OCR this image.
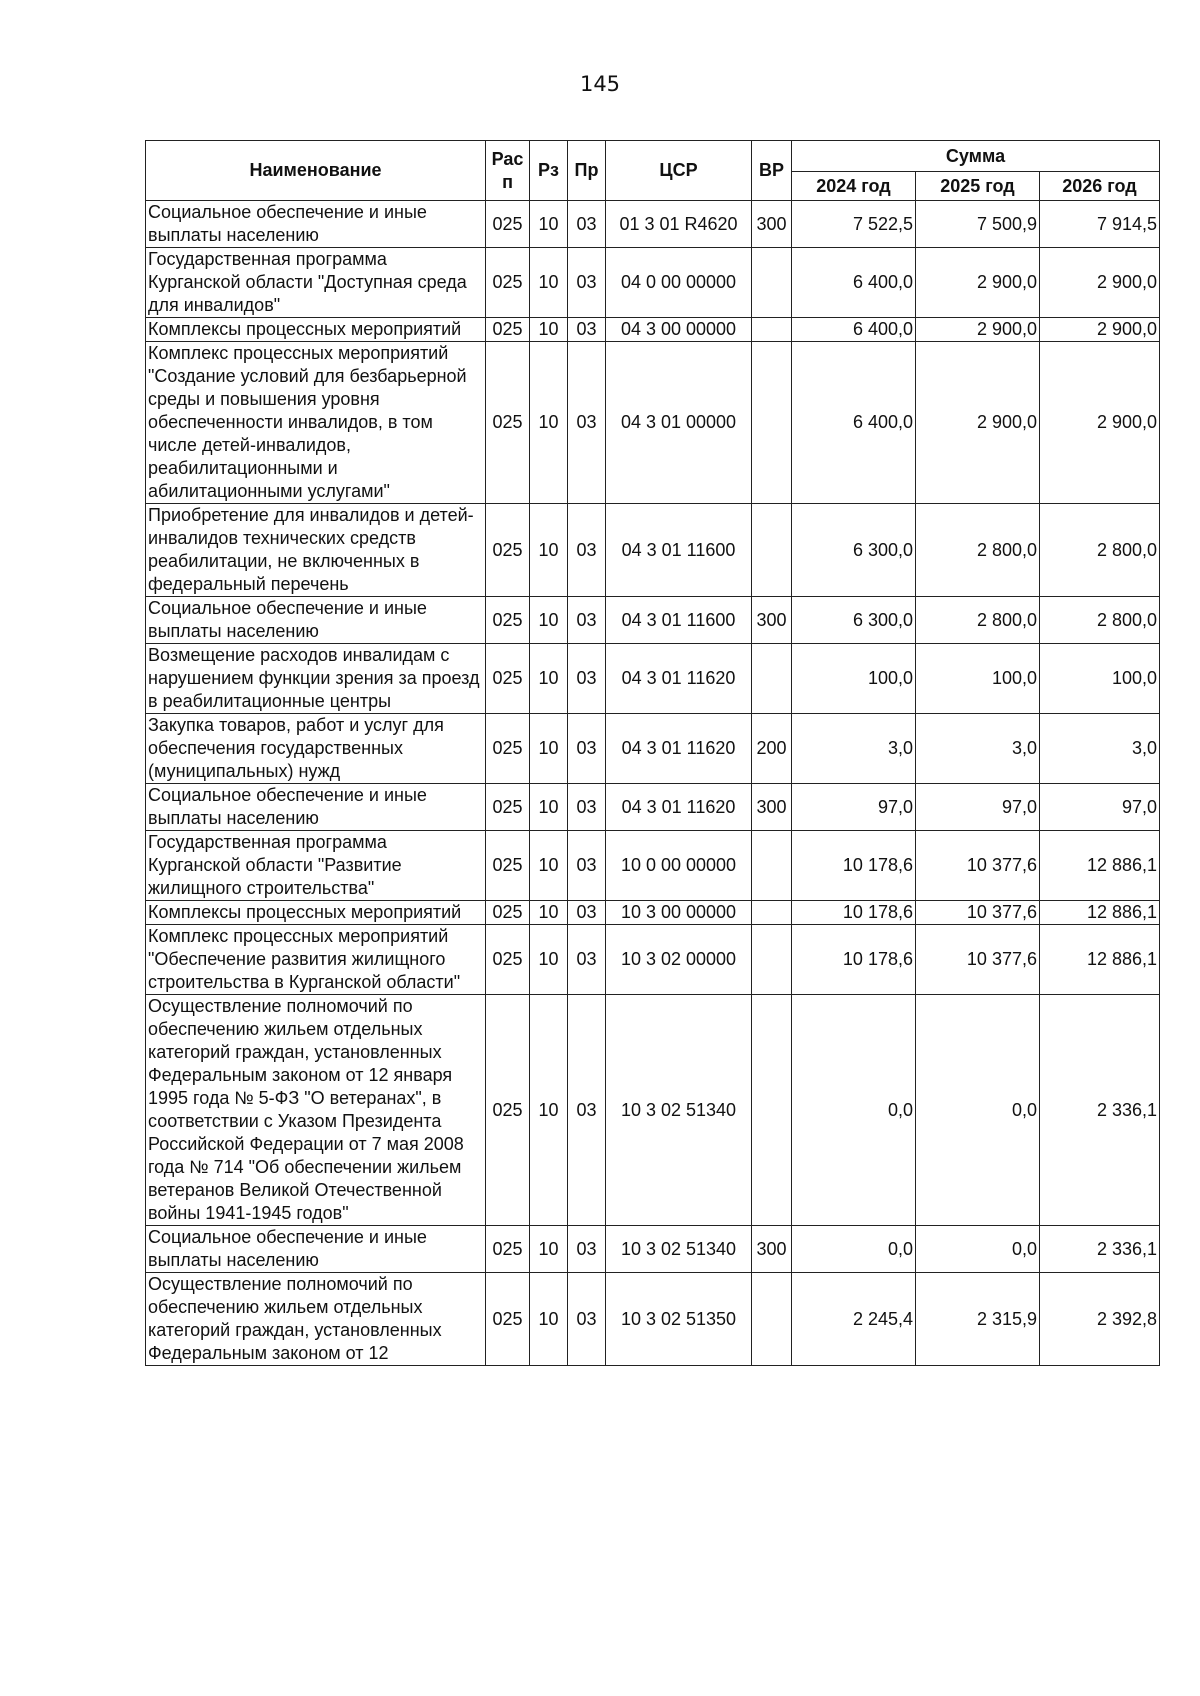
145
Наименование	Рас п	Рз	Пр	ЦСР	ВР	Сумма		
						2024 год	2025 год	2026 год
Социальное обеспечение и иные выплаты населению	025	10	03	01 3 01 R4620	300	7 522,5	7 500,9	7 914,5
Государственная программа Курганской области "Доступная среда для инвалидов"	025	10	03	04 0 00 00000		6 400,0	2 900,0	2 900,0
Комплексы процессных мероприятий	025	10	03	04 3 00 00000		6 400,0	2 900,0	2 900,0
Комплекс процессных мероприятий "Создание условий для безбарьерной среды и повышения уровня обеспеченности инвалидов, в том числе детей-инвалидов, реабилитационными и абилитационными услугами"	025	10	03	04 3 01 00000		6 400,0	2 900,0	2 900,0
Приобретение для инвалидов и детей-инвалидов технических средств реабилитации, не включенных в федеральный перечень	025	10	03	04 3 01 11600		6 300,0	2 800,0	2 800,0
Социальное обеспечение и иные выплаты населению	025	10	03	04 3 01 11600	300	6 300,0	2 800,0	2 800,0
Возмещение расходов инвалидам с нарушением функции зрения за проезд в реабилитационные центры	025	10	03	04 3 01 11620		100,0	100,0	100,0
Закупка товаров, работ и услуг для обеспечения государственных (муниципальных) нужд	025	10	03	04 3 01 11620	200	3,0	3,0	3,0
Социальное обеспечение и иные выплаты населению	025	10	03	04 3 01 11620	300	97,0	97,0	97,0
Государственная программа Курганской области "Развитие жилищного строительства"	025	10	03	10 0 00 00000		10 178,6	10 377,6	12 886,1
Комплексы процессных мероприятий	025	10	03	10 3 00 00000		10 178,6	10 377,6	12 886,1
Комплекс процессных мероприятий "Обеспечение развития жилищного строительства в Курганской области"	025	10	03	10 3 02 00000		10 178,6	10 377,6	12 886,1
Осуществление полномочий по обеспечению жильем отдельных категорий граждан, установленных Федеральным законом от 12 января 1995 года № 5-ФЗ "О ветеранах", в соответствии с Указом Президента Российской Федерации от 7 мая 2008 года № 714 "Об обеспечении жильем ветеранов Великой Отечественной войны 1941-1945 годов"	025	10	03	10 3 02 51340		0,0	0,0	2 336,1
Социальное обеспечение и иные выплаты населению	025	10	03	10 3 02 51340	300	0,0	0,0	2 336,1
Осуществление полномочий по обеспечению жильем отдельных категорий граждан, установленных Федеральным законом от 12	025	10	03	10 3 02 51350		2 245,4	2 315,9	2 392,8
